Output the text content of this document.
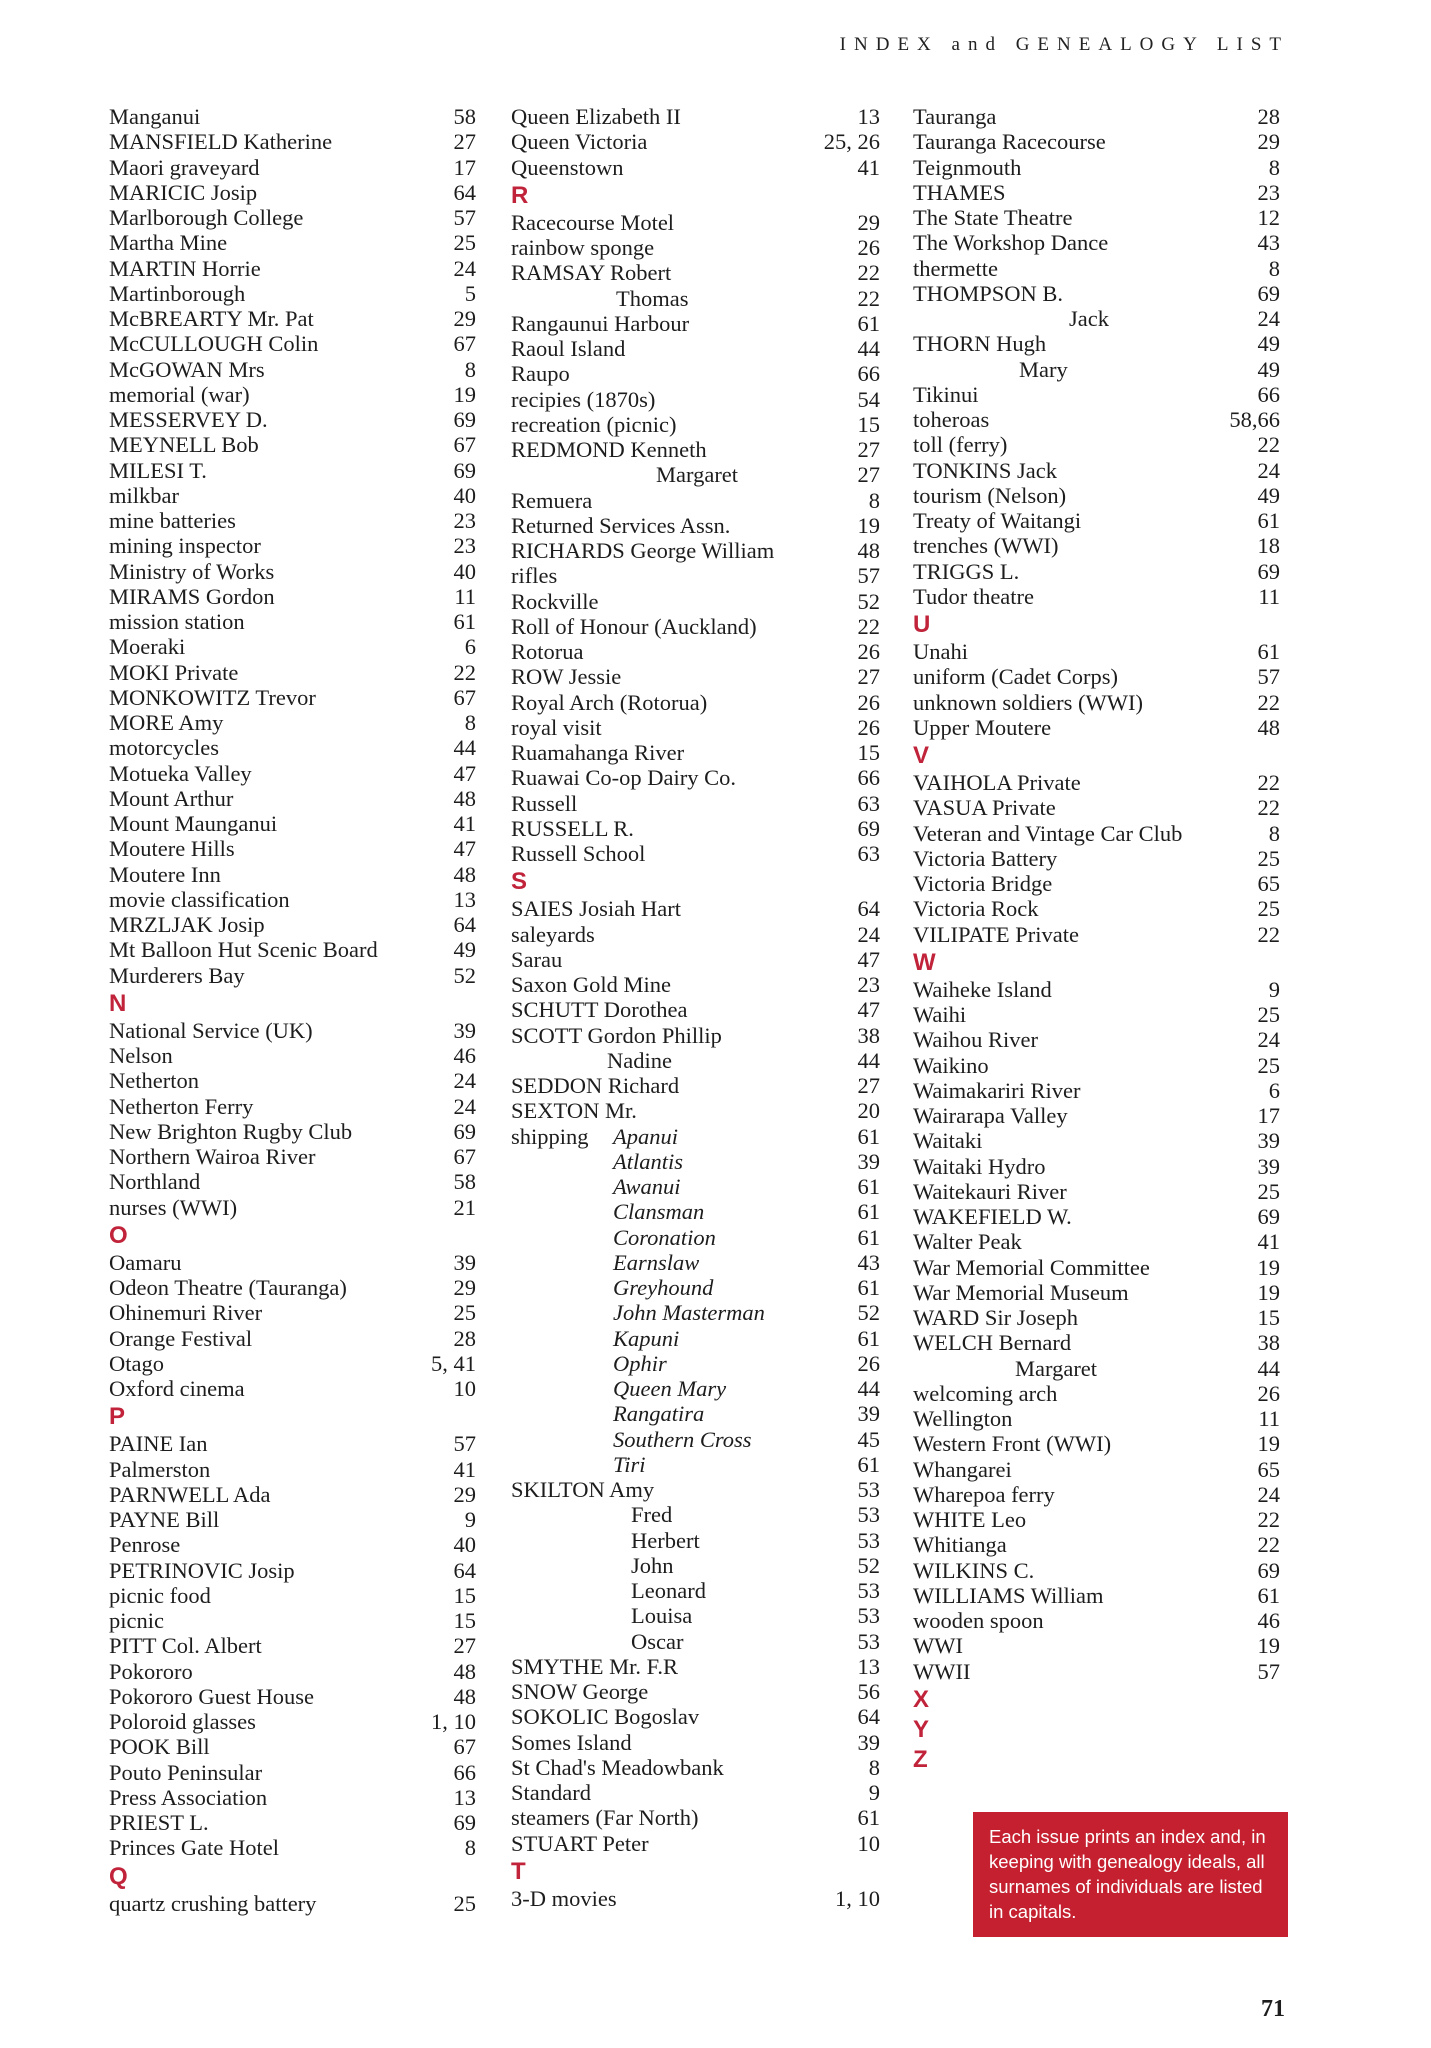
INDEX and GENEALOGY LIST
Manganui	58
MANSFIELD Katherine	27
Maori graveyard	17
MARICIC Josip	64
Marlborough College	57
Martha Mine	25
MARTIN Horrie	24
Martinborough	5
McBREARTY Mr. Pat	29
McCULLOUGH Colin	67
McGOWAN Mrs	8
memorial (war)	19
MESSERVEY D.	69
MEYNELL Bob	67
MILESI T.	69
milkbar	40
mine batteries	23
mining inspector	23
Ministry of Works	40
MIRAMS Gordon	11
mission station	61
Moeraki	6
MOKI Private	22
MONKOWITZ Trevor	67
MORE Amy	8
motorcycles	44
Motueka Valley	47
Mount Arthur	48
Mount Maunganui	41
Moutere Hills	47
Moutere Inn	48
movie classification	13
MRZLJAK Josip	64
Mt Balloon Hut Scenic Board	49
Murderers Bay	52
N
National Service (UK)	39
Nelson	46
Netherton	24
Netherton Ferry	24
New Brighton Rugby Club	69
Northern Wairoa River	67
Northland	58
nurses (WWI)	21
O
Oamaru	39
Odeon Theatre (Tauranga)	29
Ohinemuri River	25
Orange Festival	28
Otago	5, 41
Oxford cinema	10
P
PAINE Ian	57
Palmerston	41
PARNWELL Ada	29
PAYNE Bill	9
Penrose	40
PETRINOVIC Josip	64
picnic food	15
picnic	15
PITT Col. Albert	27
Pokororo	48
Pokororo Guest House	48
Poloroid glasses	1, 10
POOK Bill	67
Pouto Peninsular	66
Press Association	13
PRIEST L.	69
Princes Gate Hotel	8
Q
quartz crushing battery	25
Queen Elizabeth II	13
Queen Victoria	25, 26
Queenstown	41
R
Racecourse Motel	29
rainbow sponge	26
RAMSAY Robert	22
Thomas	22
Rangaunui Harbour	61
Raoul Island	44
Raupo	66
recipies (1870s)	54
recreation (picnic)	15
REDMOND Kenneth	27
Margaret	27
Remuera	8
Returned Services Assn.	19
RICHARDS George William	48
rifles	57
Rockville	52
Roll of Honour (Auckland)	22
Rotorua	26
ROW Jessie	27
Royal Arch (Rotorua)	26
royal visit	26
Ruamahanga River	15
Ruawai Co-op Dairy Co.	66
Russell	63
RUSSELL R.	69
Russell School	63
S
SAIES Josiah Hart	64
saleyards	24
Sarau	47
Saxon Gold Mine	23
SCHUTT Dorothea	47
SCOTT Gordon Phillip	38
Nadine	44
SEDDON Richard	27
SEXTON Mr.	20
shipping Apanui	61
Atlantis	39
Awanui	61
Clansman	61
Coronation	61
Earnslaw	43
Greyhound	61
John Masterman	52
Kapuni	61
Ophir	26
Queen Mary	44
Rangatira	39
Southern Cross	45
Tiri	61
SKILTON Amy	53
Fred	53
Herbert	53
John	52
Leonard	53
Louisa	53
Oscar	53
SMYTHE Mr. F.R	13
SNOW George	56
SOKOLIC Bogoslav	64
Somes Island	39
St Chad's Meadowbank	8
Standard	9
steamers (Far North)	61
STUART Peter	10
T
3-D movies	1, 10
Tauranga	28
Tauranga Racecourse	29
Teignmouth	8
THAMES	23
The State Theatre	12
The Workshop Dance	43
thermette	8
THOMPSON B.	69
Jack	24
THORN Hugh	49
Mary	49
Tikinui	66
toheroas	58,66
toll (ferry)	22
TONKINS Jack	24
tourism (Nelson)	49
Treaty of Waitangi	61
trenches (WWI)	18
TRIGGS L.	69
Tudor theatre	11
U
Unahi	61
uniform (Cadet Corps)	57
unknown soldiers (WWI)	22
Upper Moutere	48
V
VAIHOLA Private	22
VASUA Private	22
Veteran and Vintage Car Club	8
Victoria Battery	25
Victoria Bridge	65
Victoria Rock	25
VILIPATE Private	22
W
Waiheke Island	9
Waihi	25
Waihou River	24
Waikino	25
Waimakariri River	6
Wairarapa Valley	17
Waitaki	39
Waitaki Hydro	39
Waitekauri River	25
WAKEFIELD W.	69
Walter Peak	41
War Memorial Committee	19
War Memorial Museum	19
WARD Sir Joseph	15
WELCH Bernard	38
Margaret	44
welcoming arch	26
Wellington	11
Western Front (WWI)	19
Whangarei	65
Wharepoa ferry	24
WHITE Leo	22
Whitianga	22
WILKINS C.	69
WILLIAMS William	61
wooden spoon	46
WWI	19
WWII	57
X
Y
Z
Each issue prints an index and, in keeping with genealogy ideals, all surnames of individuals are listed in capitals.
71
